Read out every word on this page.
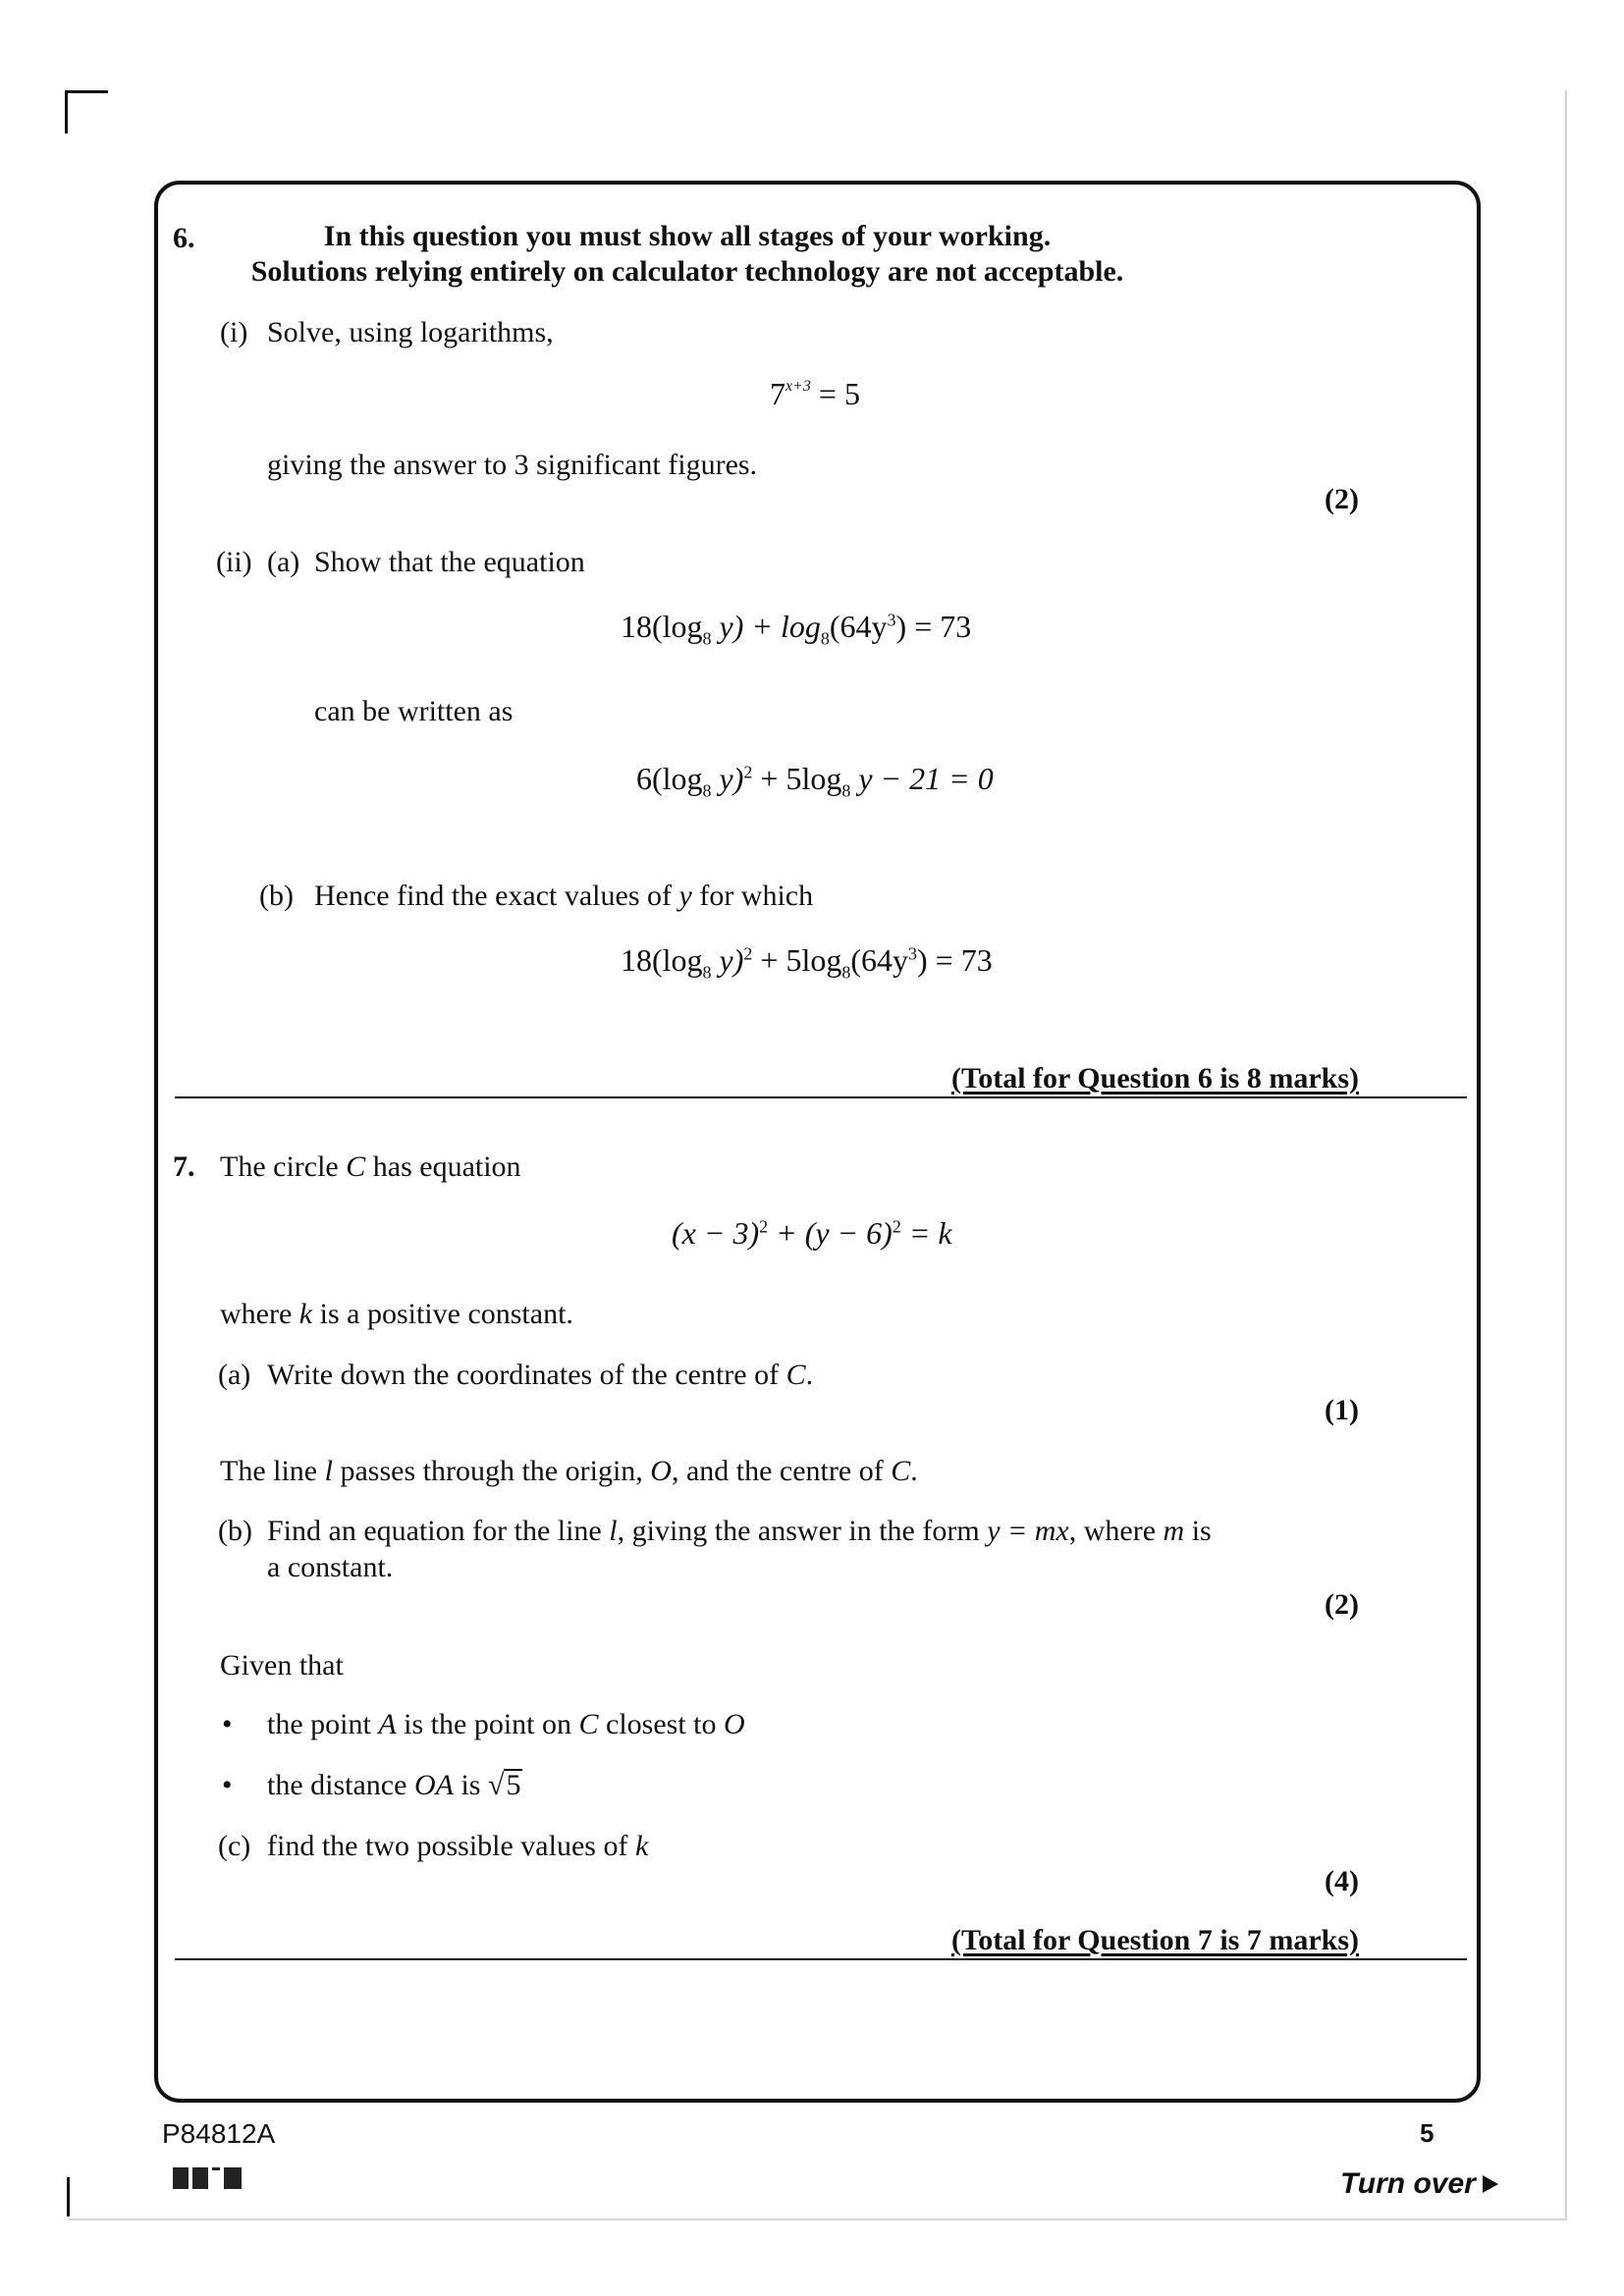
6.	In this question you must show all stages of your working.
Solutions relying entirely on calculator technology are not acceptable.
(i) Solve, using logarithms,
$7^{x+3} = 5$
giving the answer to 3 significant figures.
(2)
(ii) (a) Show that the equation
$18(\log_8$ $y) + \log_8(64y^3) = 73$
can be written as
$6(\log_8$ $y)^2 + 5\log_8$ y − 21 = 0
(b) Hence find the exact values of y for which
$18(\log_8$ $y)^2 + 5\log_8(64y^3) = 73$
(Total for Question 6 is 8 marks)
7. The circle C has equation
$(x - 3)^2 + (y - 6)^2 = k$
where k is a positive constant.
(a) Write down the coordinates of the centre of C.
(1)
The line l passes through the origin, O, and the centre of C.
(b) Find an equation for the line l, giving the answer in the form y = mx, where m is
a constant.
(2)
Given that
• the point A is the point on C closest to O
• the distance OA is √5
(c) find the two possible values of k
(4)
(Total for Question 7 is 7 marks)
P84812A	5
Turn over
